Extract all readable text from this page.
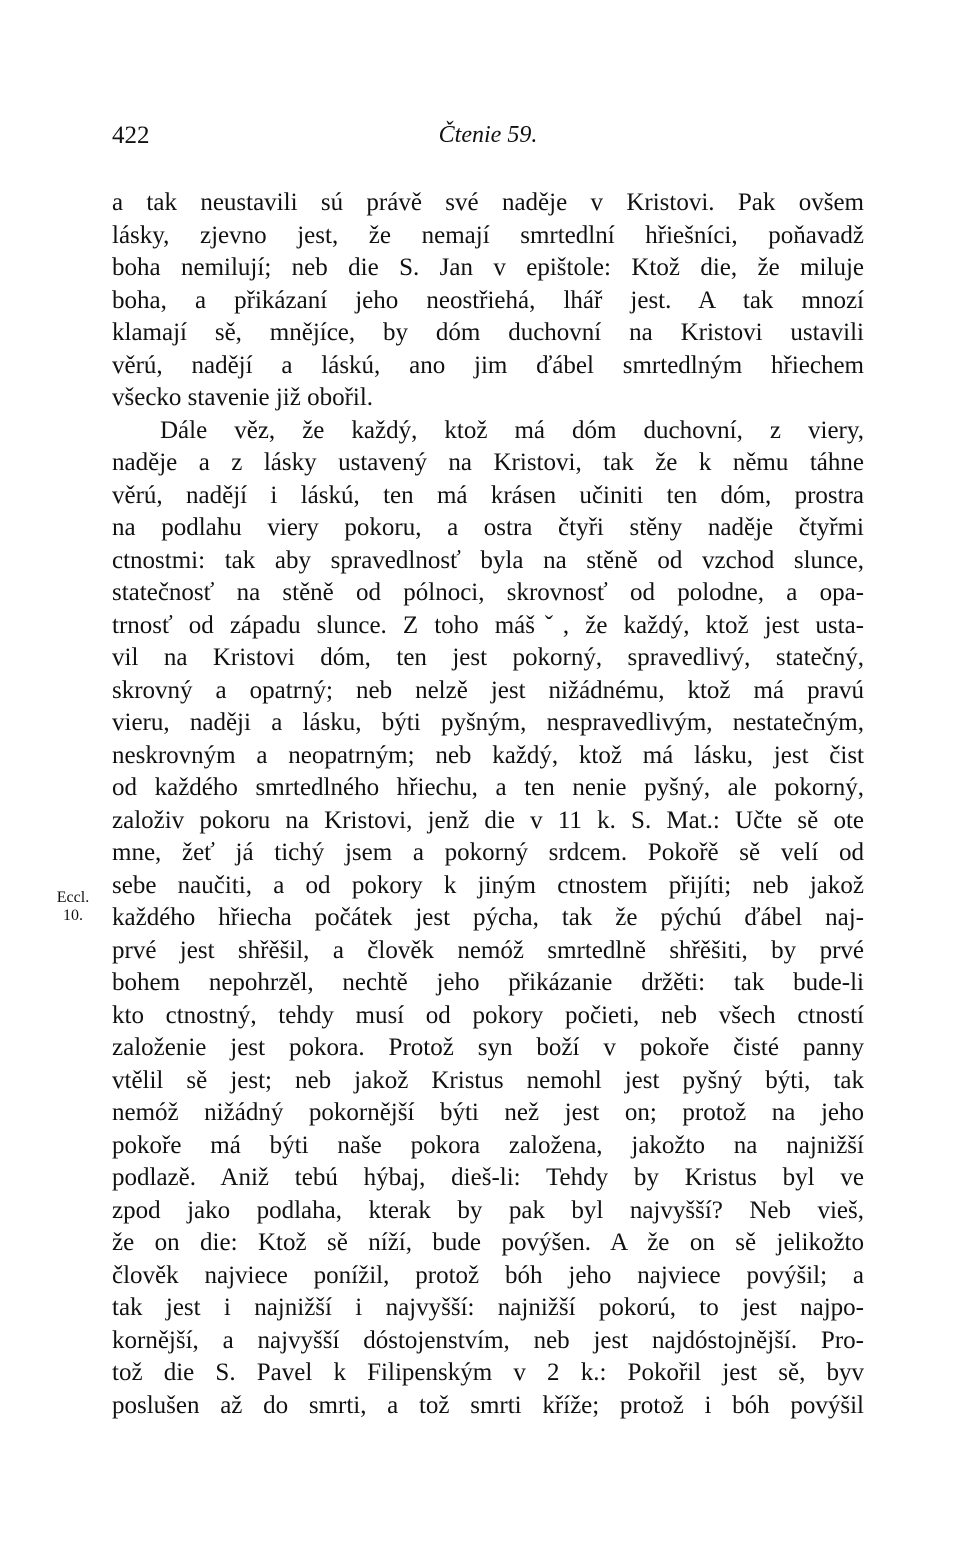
422	Čtenie 59.
Eccl.
10.
a tak neustavili sú právě své naděje v Kristovi. Pak ovšem
lásky, zjevno jest, že nemají smrtedlní hřiešníci, poňavadž
boha nemilují; neb die S. Jan v epištole: Ktož die, že miluje
boha, a přikázaní jeho neostřiehá, lhář jest. A tak mnozí
klamají sě, mnějíce, by dóm duchovní na Kristovi ustavili
věrú, nadějí a láskú, ano jim ďábel smrtedlným hřiechem
všecko stavenie již obořil.
Dále věz, že každý, ktož má dóm duchovní, z viery,
naděje a z lásky ustavený na Kristovi, tak že k němu táhne
věrú, nadějí i láskú, ten má krásen učiniti ten dóm, prostra
na podlahu viery pokoru, a ostra čtyři stěny naděje čtyřmi
ctnostmi: tak aby spravedlnosť byla na stěně od vzchod slunce,
statečnosť na stěně od pólnoci, skrovnosť od polodne, a opa-
trnosť od západu slunce. Z toho mášˇ, že každý, ktož jest usta-
vil na Kristovi dóm, ten jest pokorný, spravedlivý, statečný,
skrovný a opatrný; neb nelzě jest nižádnému, ktož má pravú
vieru, naději a lásku, býti pyšným, nespravedlivým, nestatečným,
neskrovným a neopatrným; neb každý, ktož má lásku, jest čist
od každého smrtedlného hřiechu, a ten nenie pyšný, ale pokorný,
založiv pokoru na Kristovi, jenž die v 11 k. S. Mat.: Učte sě ote
mne, žeť já tichý jsem a pokorný srdcem. Pokořě sě velí od
sebe naučiti, a od pokory k jiným ctnostem přijíti; neb jakož
každého hřiecha počátek jest pýcha, tak že pýchú ďábel naj-
prvé jest shřěšil, a člověk nemóž smrtedlně shřěšiti, by prvé
bohem nepohrzěl, nechtě jeho přikázanie držěti: tak bude-li
kto ctnostný, tehdy musí od pokory počieti, neb všech ctností
založenie jest pokora. Protož syn boží v pokoře čisté panny
vtělil sě jest; neb jakož Kristus nemohl jest pyšný býti, tak
nemóž nižádný pokornější býti než jest on; protož na jeho
pokoře má býti naše pokora založena, jakožto na najnižší
podlazě. Aniž tebú hýbaj, dieš-li: Tehdy by Kristus byl ve
zpod jako podlaha, kterak by pak byl najvyšší? Neb vieš,
že on die: Ktož sě níží, bude povýšen. A že on sě jelikožto
člověk najviece ponížil, protož bóh jeho najviece povýšil; a
tak jest i najnižší i najvyšší: najnižší pokorú, to jest najpo-
kornější, a najvyšší dóstojenstvím, neb jest najdóstojnější. Pro-
tož die S. Pavel k Filipenským v 2 k.: Pokořil jest sě, byv
poslušen až do smrti, a tož smrti kříže; protož i bóh povýšil
